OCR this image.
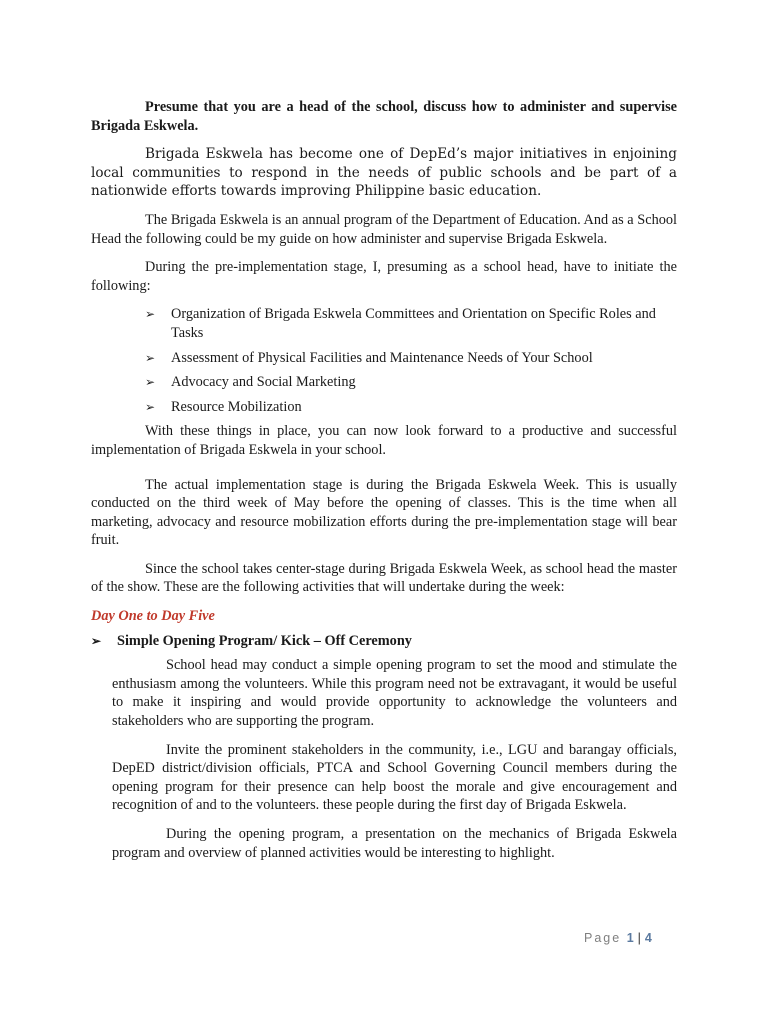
Presume that you are a head of the school, discuss how to administer and supervise Brigada Eskwela.

Brigada Eskwela has become one of DepEd’s major initiatives in enjoining local communities to respond in the needs of public schools and be part of a nationwide efforts towards improving Philippine basic education.

The Brigada Eskwela is an annual program of the Department of Education. And as a School Head the following could be my guide on how administer and supervise Brigada Eskwela.

During the pre-implementation stage, I, presuming as a school head, have to initiate the following:

➢ Organization of Brigada Eskwela Committees and Orientation on Specific Roles and Tasks
➢ Assessment of Physical Facilities and Maintenance Needs of Your School
➢ Advocacy and Social Marketing
➢ Resource Mobilization

With these things in place, you can now look forward to a productive and successful implementation of Brigada Eskwela in your school.

The actual implementation stage is during the Brigada Eskwela Week. This is usually conducted on the third week of May before the opening of classes. This is the time when all marketing, advocacy and resource mobilization efforts during the pre-implementation stage will bear fruit.

Since the school takes center-stage during Brigada Eskwela Week, as school head the master of the show. These are the following activities that will undertake during the week:

Day One to Day Five

➢ Simple Opening Program/ Kick – Off Ceremony

School head may conduct a simple opening program to set the mood and stimulate the enthusiasm among the volunteers. While this program need not be extravagant, it would be useful to make it inspiring and would provide opportunity to acknowledge the volunteers and stakeholders who are supporting the program.

Invite the prominent stakeholders in the community, i.e., LGU and barangay officials, DepED district/division officials, PTCA and School Governing Council members during the opening program for their presence can help boost the morale and give encouragement and recognition of and to the volunteers. these people during the first day of Brigada Eskwela.

During the opening program, a presentation on the mechanics of Brigada Eskwela program and overview of planned activities would be interesting to highlight.

Page 1 | 4
